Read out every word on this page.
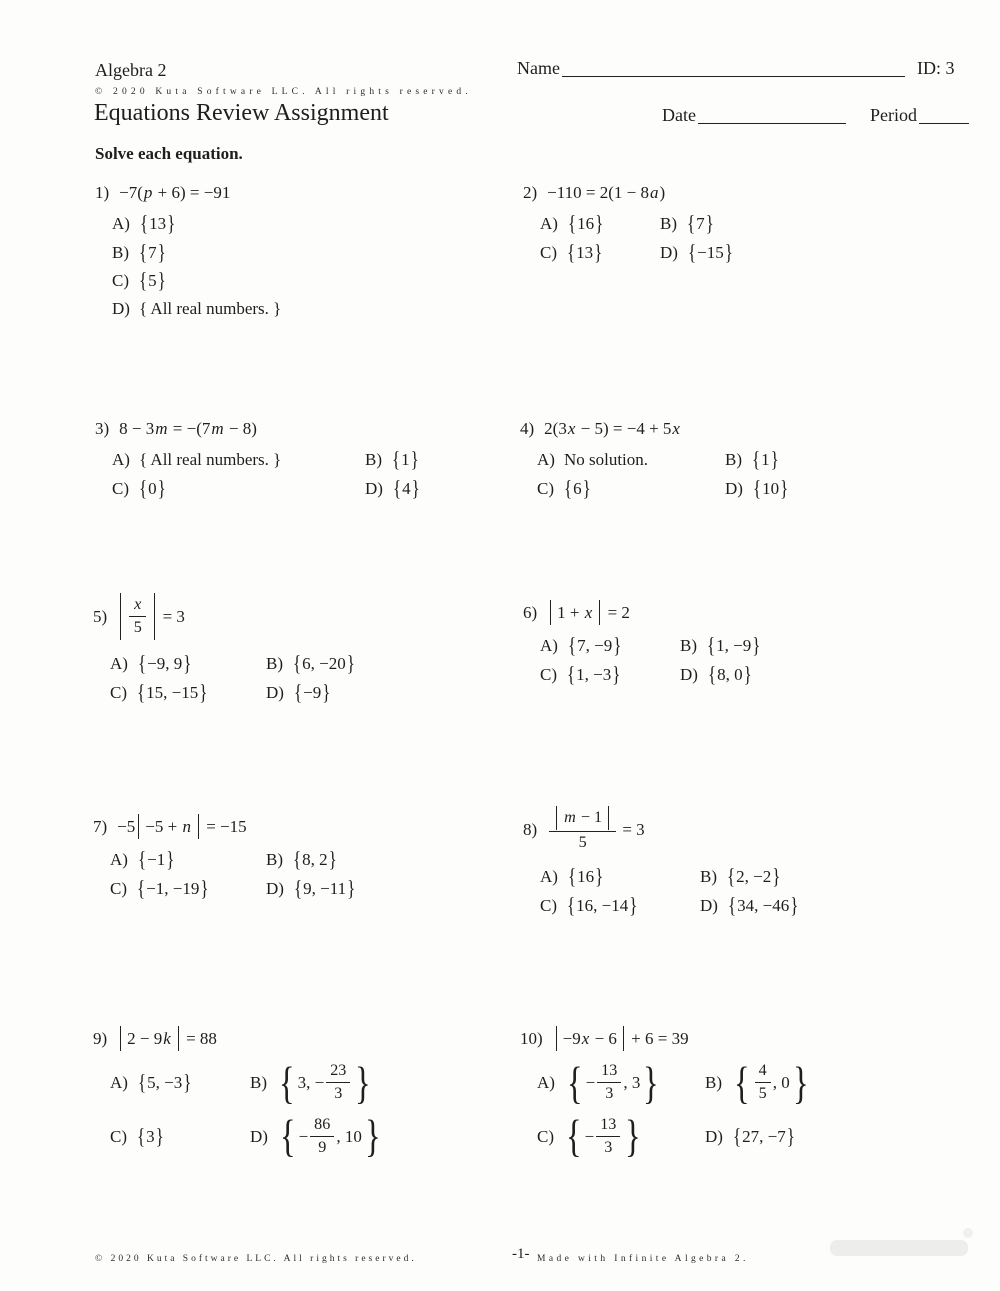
Algebra 2
© 2020 Kuta Software LLC. All rights reserved.
Equations Review Assignment
Name	ID: 3
Date	Period
Solve each equation.
1) −7( p + 6) = −91
A) { 13 }
B) { 7 }
C) { 5 }
D) { All real numbers. }
2) −110 = 2(1 − 8 a )
A) { 16 }	B) { 7 }
C) { 13 }	D) { −15 }
3) 8 − 3 m = −(7 m − 8)
A) { All real numbers. }	B) { 1 }
C) { 0 }	D) { 4 }
4) 2(3 x − 5) = −4 + 5 x
A) No solution.	B) { 1 }
C) { 6 }	D) { 10 }
$5) \frac{x}{5} = 3$
A) { −9, 9 }	B) { 6, −20 }
C) { 15, −15 }	D) { −9 }
6) 1 + x = 2
A) { 7, −9 }	B) { 1, −9 }
C) { 1, −3 }	D) { 8, 0 }
7) −5 −5 + n = −15
A) { −1 }	B) { 8, 2 }
C) { −1, −19 }	D) { 9, −11 }
$8) \frac{m - 1}{5} = 3$
A) { 16 }	B) { 2, −2 }
C) { 16, −14 }	D) { 34, −46 }
9) 2 − 9 k = 88
A) { 5, −3 }	B) { 3, − $\frac{23}{3}$ }
C) { 3 }	D) { − $\frac{86}{9}$ , 10 }
10) −9 x − 6 + 6 = 39
A) { − $\frac{13}{3}$ , 3 }	B) { $\frac{4}{5}$ , 0 }
C) { − $\frac{13}{3}$ }	D) { 27, −7 }
© 2020 Kuta Software LLC. All rights reserved.	-1- Made with Infinite Algebra 2.
